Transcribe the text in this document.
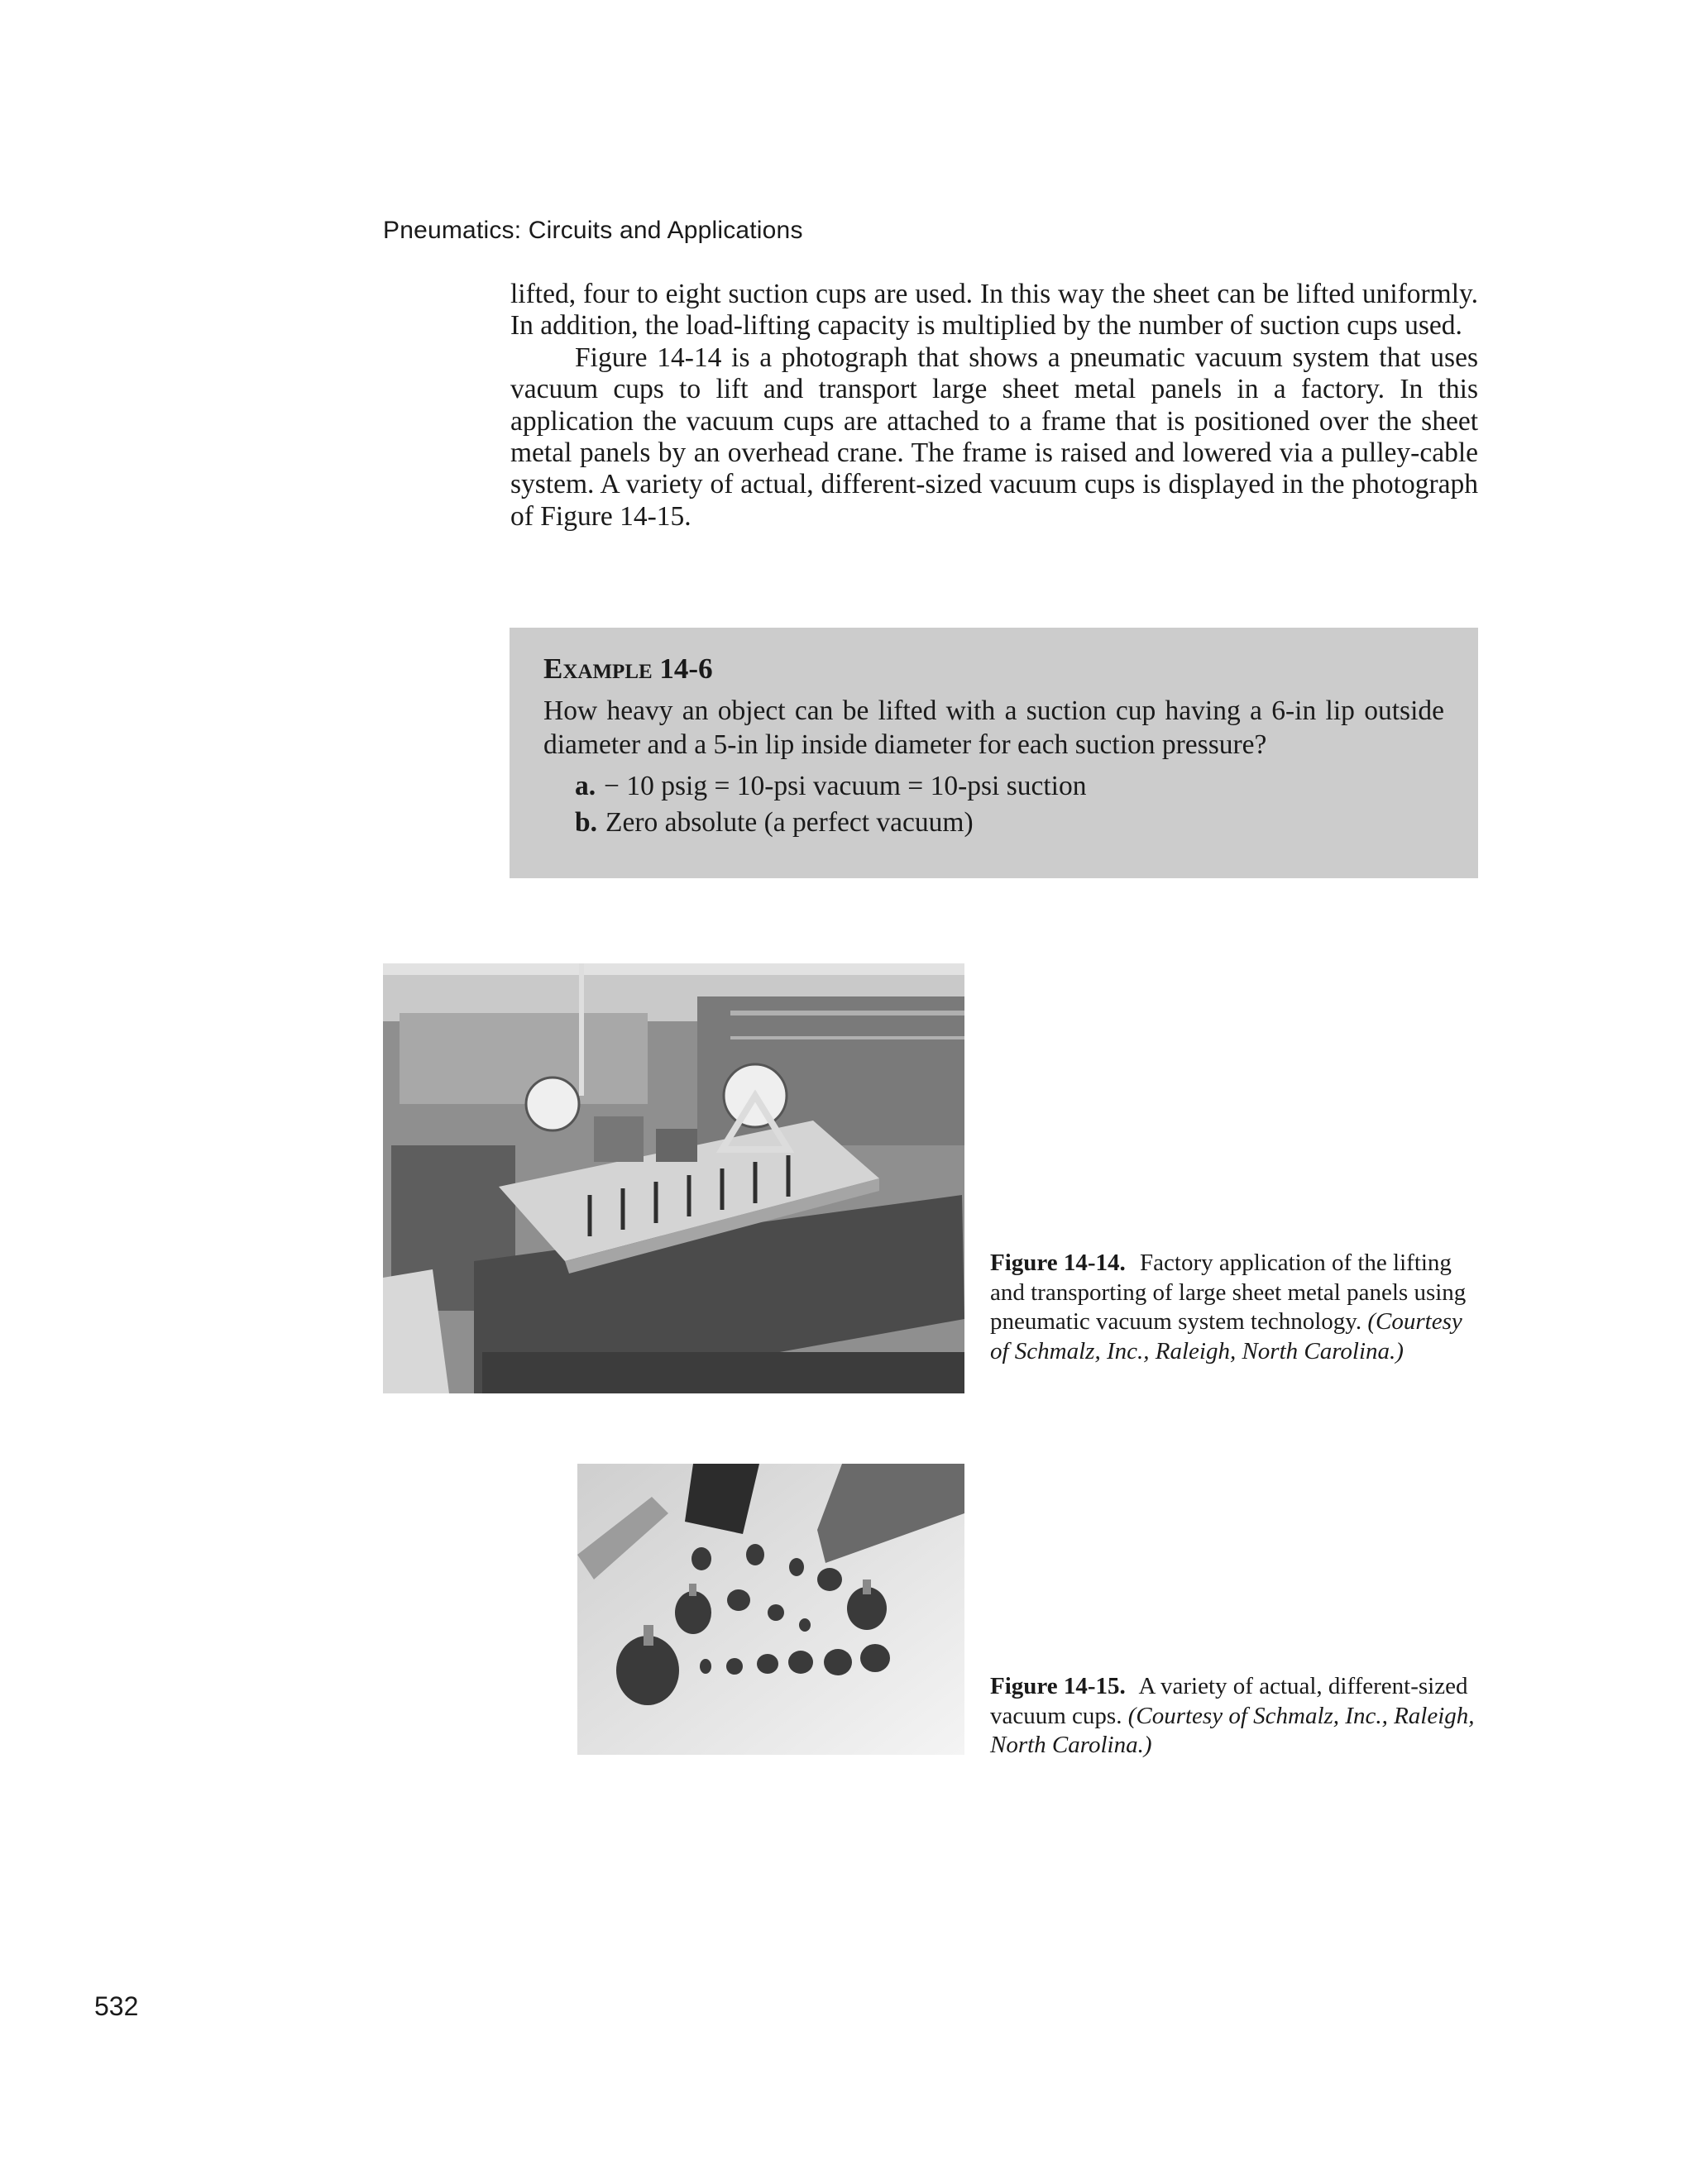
Pneumatics: Circuits and Applications

lifted, four to eight suction cups are used. In this way the sheet can be lifted uniformly. In addition, the load-lifting capacity is multiplied by the number of suction cups used.

Figure 14-14 is a photograph that shows a pneumatic vacuum system that uses vacuum cups to lift and transport large sheet metal panels in a factory. In this application the vacuum cups are attached to a frame that is positioned over the sheet metal panels by an overhead crane. The frame is raised and lowered via a pulley-cable system. A variety of actual, different-sized vacuum cups is displayed in the photograph of Figure 14-15.

Example 14-6
How heavy an object can be lifted with a suction cup having a 6-in lip outside diameter and a 5-in lip inside diameter for each suction pressure?
a. − 10 psig = 10-psi vacuum = 10-psi suction
b. Zero absolute (a perfect vacuum)

Figure 14-14. Factory application of the lifting and transporting of large sheet metal panels using pneumatic vacuum system technology. (Courtesy of Schmalz, Inc., Raleigh, North Carolina.)

Figure 14-15. A variety of actual, different-sized vacuum cups. (Courtesy of Schmalz, Inc., Raleigh, North Carolina.)

532
